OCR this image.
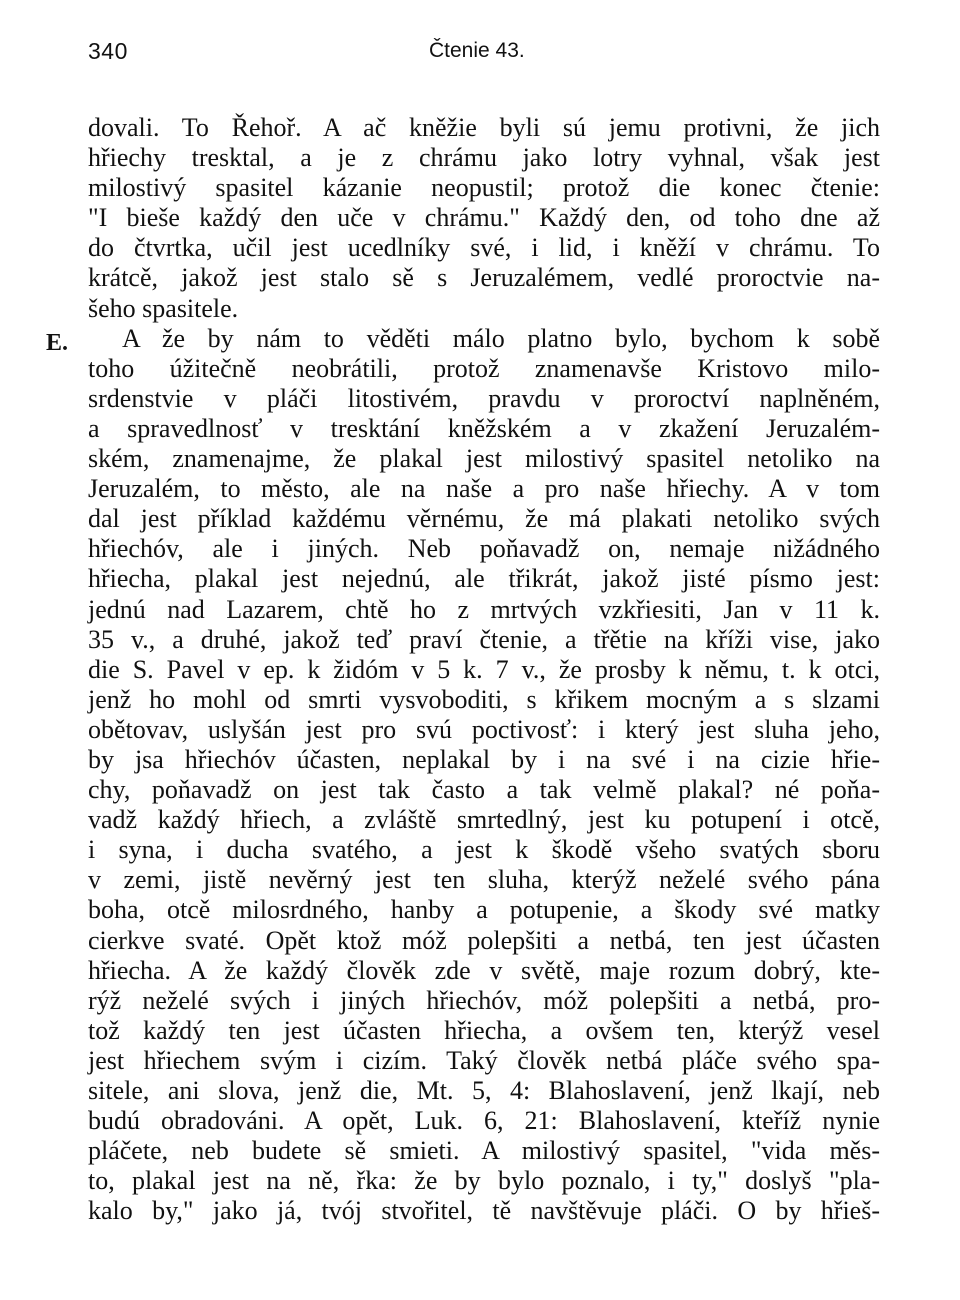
340	Čtenie 43.
E.
dovali. To Řehoř. A ač kněžie byli sú jemu protivni, že jich
hřiechy tresktal, a je z chrámu jako lotry vyhnal, však jest
milostivý spasitel kázanie neopustil; protož die konec čtenie:
"I bieše každý den uče v chrámu." Každý den, od toho dne až
do čtvrtka, učil jest ucedlníky své, i lid, i kněží v chrámu. To
krátcě, jakož jest stalo sě s Jeruzalémem, vedlé proroctvie na-
šeho spasitele.
A že by nám to věděti málo platno bylo, bychom k sobě
toho úžitečně neobrátili, protož znamenavše Kristovo milo-
srdenstvie v pláči litostivém, pravdu v proroctví naplněném,
a spravedlnosť v tresktání kněžském a v zkažení Jeruzalém-
ském, znamenajme, že plakal jest milostivý spasitel netoliko na
Jeruzalém, to město, ale na naše a pro naše hřiechy. A v tom
dal jest příklad každému věrnému, že má plakati netoliko svých
hřiechóv, ale i jiných. Neb poňavadž on, nemaje nižádného
hřiecha, plakal jest nejednú, ale třikrát, jakož jisté písmo jest:
jednú nad Lazarem, chtě ho z mrtvých vzkřiesiti, Jan v 11 k.
35 v., a druhé, jakož teď praví čtenie, a třětie na kříži vise, jako
die S. Pavel v ep. k židóm v 5 k. 7 v., že prosby k němu, t. k otci,
jenž ho mohl od smrti vysvoboditi, s křikem mocným a s slzami
obětovav, uslyšán jest pro svú poctivosť: i který jest sluha jeho,
by jsa hřiechóv účasten, neplakal by i na své i na cizie hřie-
chy, poňavadž on jest tak často a tak velmě plakal? né poňa-
vadž každý hřiech, a zvláště smrtedlný, jest ku potupení i otcě,
i syna, i ducha svatého, a jest k škodě všeho svatých sboru
v zemi, jistě nevěrný jest ten sluha, kterýž neželé svého pána
boha, otcě milosrdného, hanby a potupenie, a škody své matky
cierkve svaté. Opět ktož móž polepšiti a netbá, ten jest účasten
hřiecha. A že každý člověk zde v světě, maje rozum dobrý, kte-
rýž neželé svých i jiných hřiechóv, móž polepšiti a netbá, pro-
tož každý ten jest účasten hřiecha, a ovšem ten, kterýž vesel
jest hřiechem svým i cizím. Taký člověk netbá pláče svého spa-
sitele, ani slova, jenž die, Mt. 5, 4: Blahoslavení, jenž lkají, neb
budú obradováni. A opět, Luk. 6, 21: Blahoslavení, kteříž nynie
pláčete, neb budete sě smieti. A milostivý spasitel, "vida měs-
to, plakal jest na ně, řka: že by bylo poznalo, i ty," doslyš "pla-
kalo by," jako já, tvój stvořitel, tě navštěvuje pláči. O by hřieš-
